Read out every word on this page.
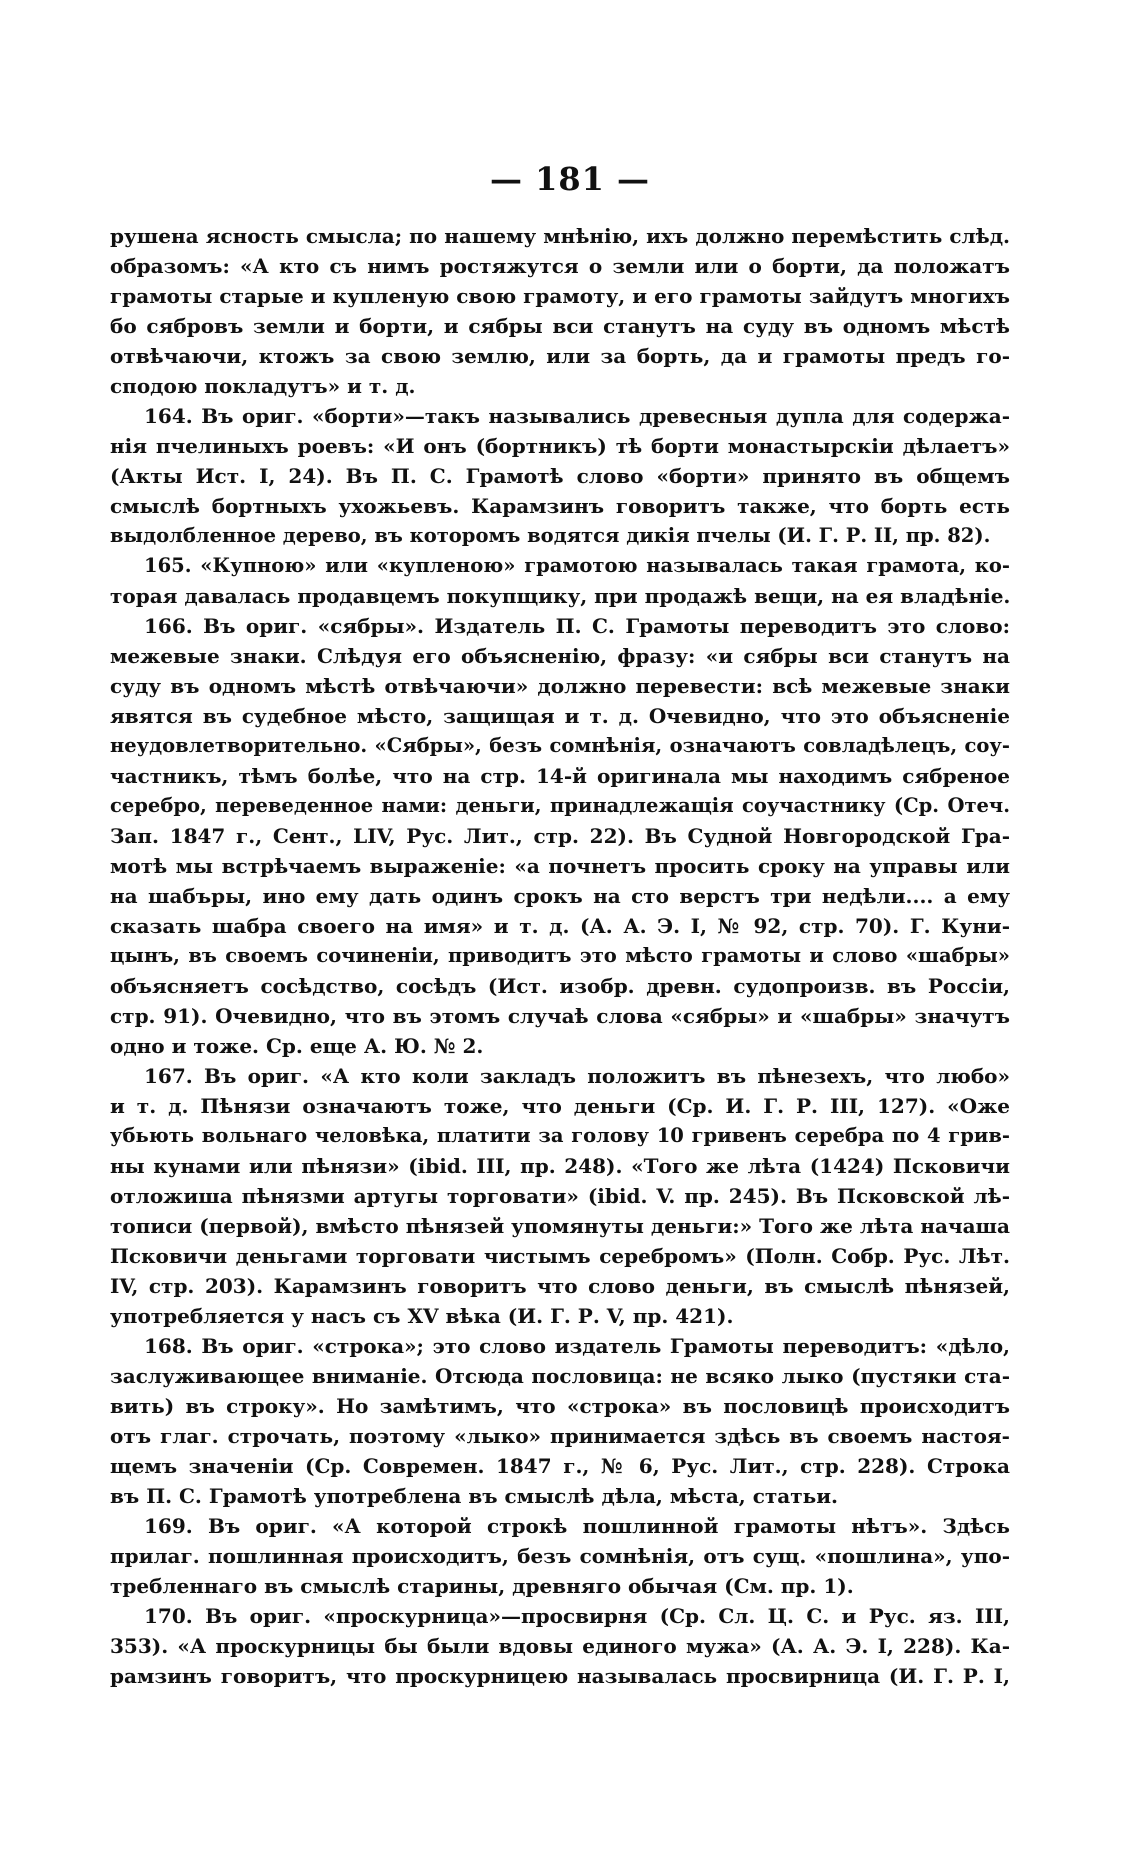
— 181 —
рушена ясность смысла; по нашему мнѣнію, ихъ должно перемѣстить слѣд.
образомъ: «А кто съ нимъ ростяжутся о земли или о борти, да положатъ
грамоты старые и купленую свою грамоту, и его грамоты зайдутъ многихъ
бо сябровъ земли и борти, и сябры вси станутъ на суду въ одномъ мѣстѣ
отвѣчаючи, ктожъ за свою землю, или за борть, да и грамоты предъ го-
сподою покладутъ» и т. д.
164. Въ ориг. «борти»—такъ назывались древесныя дупла для содержа-
нія пчелиныхъ роевъ: «И онъ (бортникъ) тѣ борти монастырскіи дѣлаетъ»
(Акты Ист. I, 24). Въ П. С. Грамотѣ слово «борти» принято въ общемъ
смыслѣ бортныхъ ухожьевъ. Карамзинъ говоритъ также, что борть есть
выдолбленное дерево, въ которомъ водятся дикія пчелы (И. Г. Р. II, пр. 82).
165. «Купною» или «купленою» грамотою называлась такая грамота, ко-
торая давалась продавцемъ покупщику, при продажѣ вещи, на ея владѣніе.
166. Въ ориг. «сябры». Издатель П. С. Грамоты переводитъ это слово:
межевые знаки. Слѣдуя его объясненію, фразу: «и сябры вси станутъ на
суду въ одномъ мѣстѣ отвѣчаючи» должно перевести: всѣ межевые знаки
явятся въ судебное мѣсто, защищая и т. д. Очевидно, что это объясненіе
неудовлетворительно. «Сябры», безъ сомнѣнія, означаютъ совладѣлецъ, соу-
частникъ, тѣмъ болѣе, что на стр. 14-й оригинала мы находимъ сябреное
серебро, переведенное нами: деньги, принадлежащія соучастнику (Ср. Отеч.
Зап. 1847 г., Сент., LIV, Рус. Лит., стр. 22). Въ Судной Новгородской Гра-
мотѣ мы встрѣчаемъ выраженіе: «а почнетъ просить сроку на управы или
на шабъры, ино ему дать одинъ срокъ на сто верстъ три недѣли.... а ему
сказать шабра своего на имя» и т. д. (А. А. Э. I, № 92, стр. 70). Г. Куни-
цынъ, въ своемъ сочиненіи, приводитъ это мѣсто грамоты и слово «шабры»
объясняетъ сосѣдство, сосѣдъ (Ист. изобр. древн. судопроизв. въ Россіи,
стр. 91). Очевидно, что въ этомъ случаѣ слова «сябры» и «шабры» значутъ
одно и тоже. Ср. еще А. Ю. № 2.
167. Въ ориг. «А кто коли закладъ положитъ въ пѣнезехъ, что любо»
и т. д. Пѣнязи означаютъ тоже, что деньги (Ср. И. Г. Р. III, 127). «Оже
убьють вольнаго человѣка, платити за голову 10 гривенъ серебра по 4 грив-
ны кунами или пѣнязи» (ibid. III, пр. 248). «Того же лѣта (1424) Псковичи
отложиша пѣнязми артугы торговати» (ibid. V. пр. 245). Въ Псковской лѣ-
тописи (первой), вмѣсто пѣнязей упомянуты деньги:» Того же лѣта начаша
Псковичи деньгами торговати чистымъ серебромъ» (Полн. Собр. Рус. Лѣт.
IV, стр. 203). Карамзинъ говоритъ что слово деньги, въ смыслѣ пѣнязей,
употребляется у насъ съ XV вѣка (И. Г. Р. V, пр. 421).
168. Въ ориг. «строка»; это слово издатель Грамоты переводитъ: «дѣло,
заслуживающее вниманіе. Отсюда пословица: не всяко лыко (пустяки ста-
вить) въ строку». Но замѣтимъ, что «строка» въ пословицѣ происходитъ
отъ глаг. строчать, поэтому «лыко» принимается здѣсь въ своемъ настоя-
щемъ значеніи (Ср. Современ. 1847 г., № 6, Рус. Лит., стр. 228). Строка
въ П. С. Грамотѣ употреблена въ смыслѣ дѣла, мѣста, статьи.
169. Въ ориг. «А которой строкѣ пошлинной грамоты нѣтъ». Здѣсь
прилаг. пошлинная происходитъ, безъ сомнѣнія, отъ сущ. «пошлина», упо-
требленнаго въ смыслѣ старины, древняго обычая (См. пр. 1).
170. Въ ориг. «проскурница»—просвирня (Ср. Сл. Ц. С. и Рус. яз. III,
353). «А проскурницы бы были вдовы единого мужа» (А. А. Э. I, 228). Ка-
рамзинъ говоритъ, что проскурницею называлась просвирница (И. Г. Р. I,
